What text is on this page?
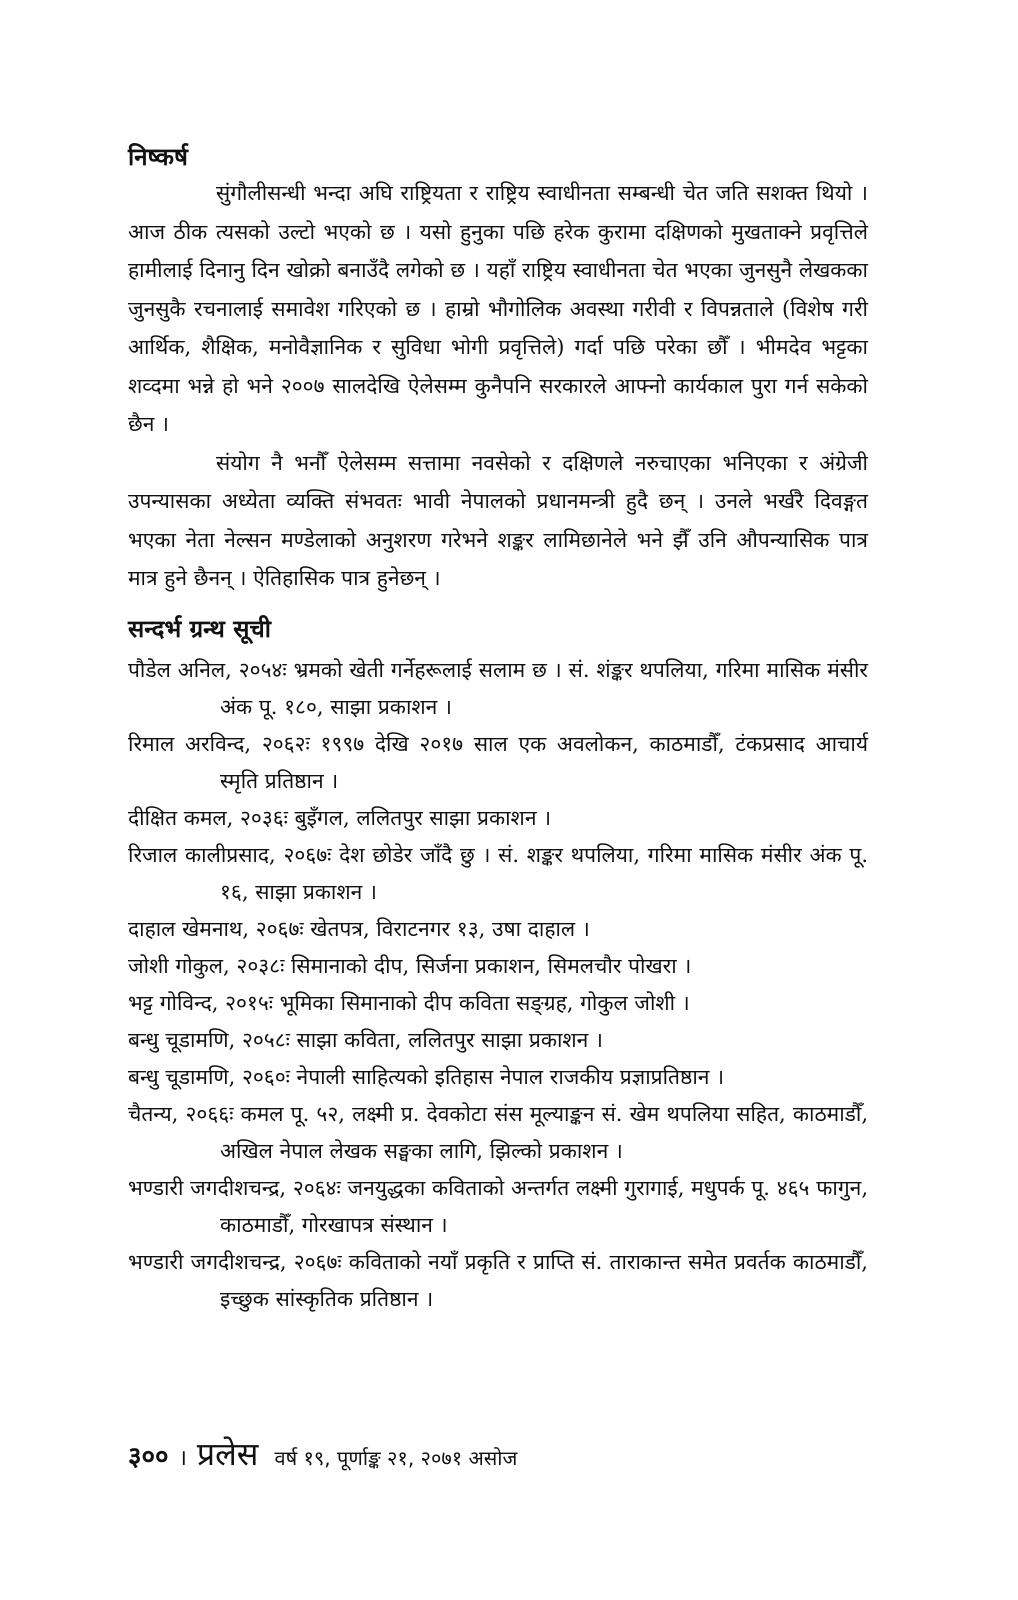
निष्कर्ष

सुंगौलीसन्धी भन्दा अघि राष्ट्रियता र राष्ट्रिय स्वाधीनता सम्बन्धी चेत जति सशक्त थियो । आज ठीक त्यसको उल्टो भएको छ । यसो हुनुका पछि हरेक कुरामा दक्षिणको मुखताक्ने प्रवृत्तिले हामीलाई दिनानु दिन खोक्रो बनाउँदै लगेको छ । यहाँ राष्ट्रिय स्वाधीनता चेत भएका जुनसुनै लेखकका जुनसुकै रचनालाई समावेश गरिएको छ । हाम्रो भौगोलिक अवस्था गरीवी र विपन्नताले (विशेष गरी आर्थिक, शैक्षिक, मनोवैज्ञानिक र सुविधा भोगी प्रवृत्तिले) गर्दा पछि परेका छौँ । भीमदेव भट्टका शव्दमा भन्ने हो भने २००७ सालदेखि ऐलेसम्म कुनैपनि सरकारले आफ्नो कार्यकाल पुरा गर्न सकेको छैन ।

संयोग नै भनौँ ऐलेसम्म सत्तामा नवसेको र दक्षिणले नरुचाएका भनिएका र अंग्रेजी उपन्यासका अध्येता व्यक्ति संभवतः भावी नेपालको प्रधानमन्त्री हुदै छन् । उनले भर्खरै दिवङ्गत भएका नेता नेल्सन मण्डेलाको अनुशरण गरेभने शङ्कर लामिछानेले भने झैँ उनि औपन्यासिक पात्र मात्र हुने छैनन् । ऐतिहासिक पात्र हुनेछन् ।

सन्दर्भ ग्रन्थ सूची

पौडेल अनिल, २०५४ः भ्रमको खेती गर्नेहरूलाई सलाम छ । सं. शंङ्कर थपलिया, गरिमा मासिक मंसीर अंक पू. १८०, साझा प्रकाशन ।

रिमाल अरविन्द, २०६२ः १९९७ देखि २०१७ साल एक अवलोकन, काठमाडौँ, टंकप्रसाद आचार्य स्मृति प्रतिष्ठान ।

दीक्षित कमल, २०३६ः बुइँगल, ललितपुर साझा प्रकाशन ।

रिजाल कालीप्रसाद, २०६७ः देश छोडेर जाँदै छु । सं. शङ्कर थपलिया, गरिमा मासिक मंसीर अंक पू. १६, साझा प्रकाशन ।

दाहाल खेमनाथ, २०६७ः खेतपत्र, विराटनगर १३, उषा दाहाल ।

जोशी गोकुल, २०३८ः सिमानाको दीप, सिर्जना प्रकाशन, सिमलचौर पोखरा ।

भट्ट गोविन्द, २०१५ः भूमिका सिमानाको दीप कविता सङ्ग्रह, गोकुल जोशी ।

बन्धु चूडामणि, २०५८ः साझा कविता, ललितपुर साझा प्रकाशन ।

बन्धु चूडामणि, २०६०ः नेपाली साहित्यको इतिहास नेपाल राजकीय प्रज्ञाप्रतिष्ठान ।

चैतन्य, २०६६ः कमल पू. ५२, लक्ष्मी प्र. देवकोटा संस मूल्याङ्कन सं. खेम थपलिया सहित, काठमाडौँ, अखिल नेपाल लेखक सङ्घका लागि, झिल्को प्रकाशन ।

भण्डारी जगदीशचन्द्र, २०६४ः जनयुद्धका कविताको अन्तर्गत लक्ष्मी गुरागाई, मधुपर्क पू. ४६५ फागुन, काठमाडौँ, गोरखापत्र संस्थान ।

भण्डारी जगदीशचन्द्र, २०६७ः कविताको नयाँ प्रकृति र प्राप्ति सं. ताराकान्त समेत प्रवर्तक काठमाडौँ, इच्छुक सांस्कृतिक प्रतिष्ठान ।

३०० । प्रलेस वर्ष १९, पूर्णाङ्क २१, २०७१ असोज
